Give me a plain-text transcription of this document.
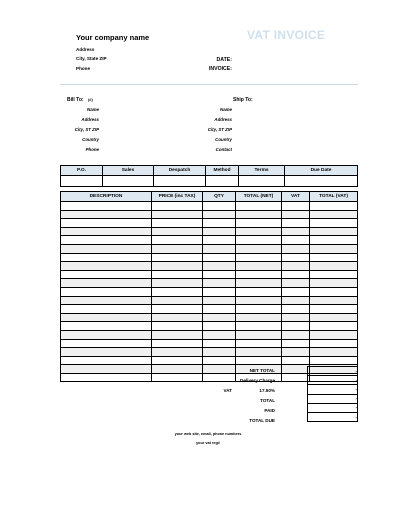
Your company name	VAT INVOICE
Address
City, State ZIP
Phone
DATE:
INVOICE:
Bill To: (#)
Name
Address
City, ST ZIP
Country
Phone
Ship To:
Name
Address
City, ST ZIP
Country
Contact
P.O.	Sales	Despatch	Method	Terms	Due Date

DESCRIPTION	PRICE (inc TAX)	QTY	TOTAL (NET)	VAT	TOTAL (VAT)

NET TOTAL
Delivery Charge
VAT	17.50%
TOTAL
PAID
TOTAL DUE
-
-
-
-
-
-
your web site, email, phone numbers
your vat reg#
